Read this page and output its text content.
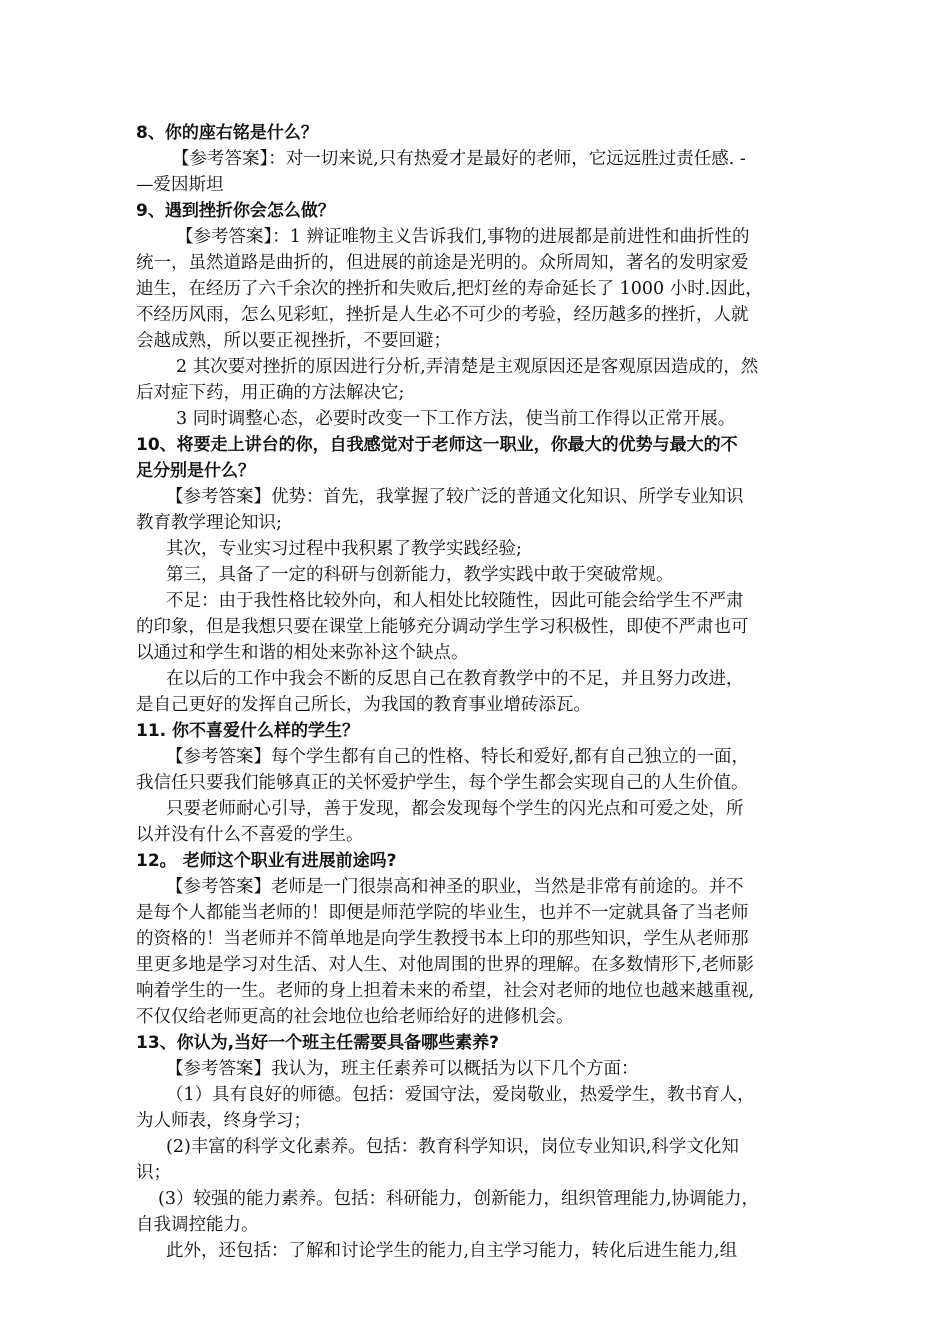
8、你的座右铭是什么？
【参考答案】：对一切来说,只有热爱才是最好的老师，它远远胜过责任感. -
—爱因斯坦
9、遇到挫折你会怎么做？
【参考答案】：1 辨证唯物主义告诉我们,事物的进展都是前进性和曲折性的
统一，虽然道路是曲折的，但进展的前途是光明的。众所周知，著名的发明家爱
迪生，在经历了六千余次的挫折和失败后,把灯丝的寿命延长了 1000 小时.因此，
不经历风雨，怎么见彩虹，挫折是人生必不可少的考验，经历越多的挫折，人就
会越成熟，所以要正视挫折，不要回避；
2 其次要对挫折的原因进行分析,弄清楚是主观原因还是客观原因造成的，然
后对症下药，用正确的方法解决它;
3 同时调整心态，必要时改变一下工作方法，使当前工作得以正常开展。
10、将要走上讲台的你，自我感觉对于老师这一职业，你最大的优势与最大的不
足分别是什么？
【参考答案】优势：首先，我掌握了较广泛的普通文化知识、所学专业知识
教育教学理论知识;
其次，专业实习过程中我积累了教学实践经验;
第三，具备了一定的科研与创新能力，教学实践中敢于突破常规。
不足：由于我性格比较外向，和人相处比较随性，因此可能会给学生不严肃
的印象，但是我想只要在课堂上能够充分调动学生学习积极性，即使不严肃也可
以通过和学生和谐的相处来弥补这个缺点。
在以后的工作中我会不断的反思自己在教育教学中的不足，并且努力改进，
是自己更好的发挥自己所长，为我国的教育事业增砖添瓦。
11. 你不喜爱什么样的学生？
【参考答案】每个学生都有自己的性格、特长和爱好,都有自己独立的一面，
我信任只要我们能够真正的关怀爱护学生，每个学生都会实现自己的人生价值。
只要老师耐心引导，善于发现，都会发现每个学生的闪光点和可爱之处，所
以并没有什么不喜爱的学生。
12。 老师这个职业有进展前途吗?
【参考答案】老师是一门很崇高和神圣的职业，当然是非常有前途的。并不
是每个人都能当老师的！即便是师范学院的毕业生，也并不一定就具备了当老师
的资格的！当老师并不简单地是向学生教授书本上印的那些知识，学生从老师那
里更多地是学习对生活、对人生、对他周围的世界的理解。在多数情形下,老师影
响着学生的一生。老师的身上担着未来的希望，社会对老师的地位也越来越重视,
不仅仅给老师更高的社会地位也给老师给好的进修机会。
13、你认为,当好一个班主任需要具备哪些素养?
【参考答案】我认为，班主任素养可以概括为以下几个方面：
（1）具有良好的师德。包括：爱国守法，爱岗敬业，热爱学生，教书育人，
为人师表，终身学习；
(2)丰富的科学文化素养。包括：教育科学知识，岗位专业知识,科学文化知
识；
(3）较强的能力素养。包括：科研能力，创新能力，组织管理能力,协调能力，
自我调控能力。
此外，还包括：了解和讨论学生的能力,自主学习能力，转化后进生能力,组
